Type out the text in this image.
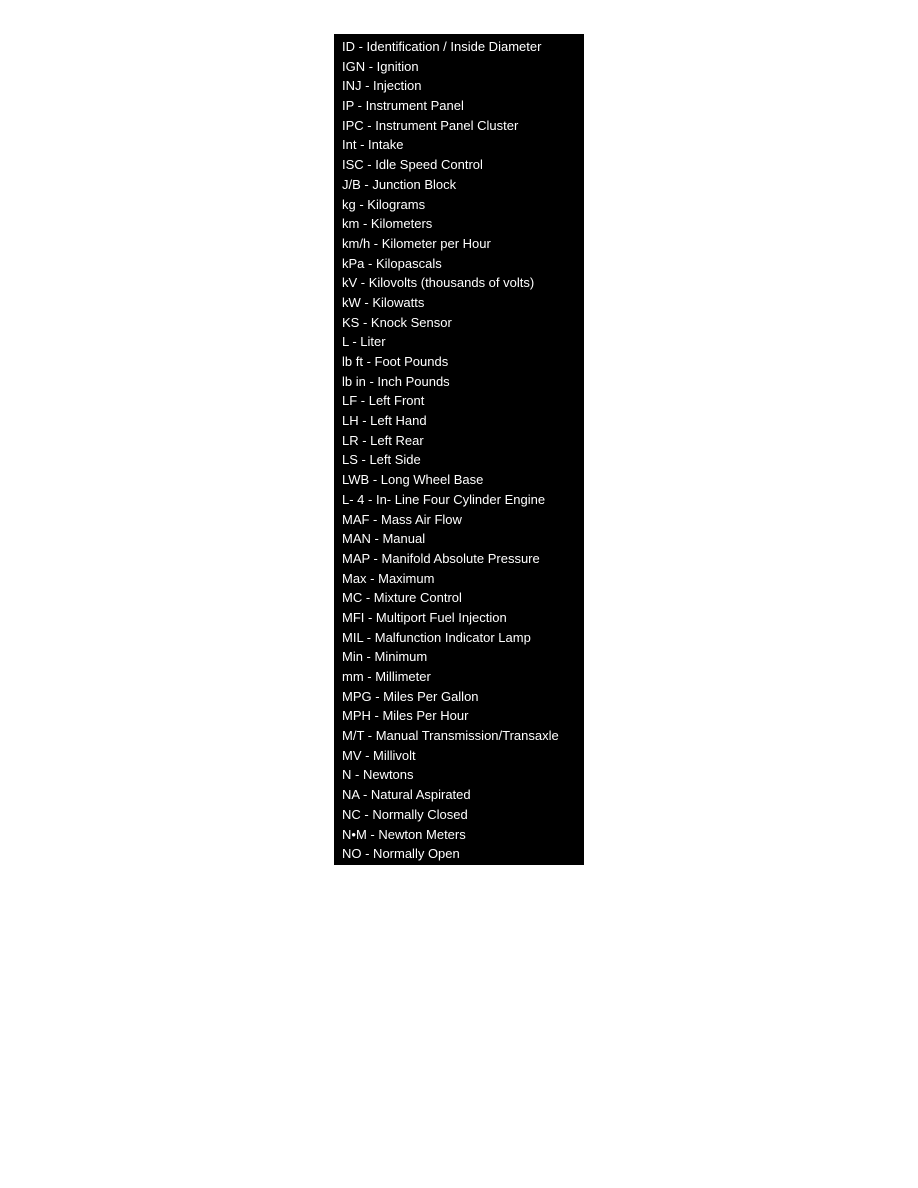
ID - Identification / Inside Diameter
IGN - Ignition
INJ - Injection
IP - Instrument Panel
IPC - Instrument Panel Cluster
Int - Intake
ISC - Idle Speed Control
J/B - Junction Block
kg - Kilograms
km - Kilometers
km/h - Kilometer per Hour
kPa - Kilopascals
kV - Kilovolts (thousands of volts)
kW - Kilowatts
KS - Knock Sensor
L - Liter
lb ft - Foot Pounds
lb in - Inch Pounds
LF - Left Front
LH - Left Hand
LR - Left Rear
LS - Left Side
LWB - Long Wheel Base
L- 4 - In- Line Four Cylinder Engine
MAF - Mass Air Flow
MAN - Manual
MAP - Manifold Absolute Pressure
Max - Maximum
MC - Mixture Control
MFI - Multiport Fuel Injection
MIL - Malfunction Indicator Lamp
Min - Minimum
mm - Millimeter
MPG - Miles Per Gallon
MPH - Miles Per Hour
M/T - Manual Transmission/Transaxle
MV - Millivolt
N - Newtons
NA - Natural Aspirated
NC - Normally Closed
N•M - Newton Meters
NO - Normally Open
